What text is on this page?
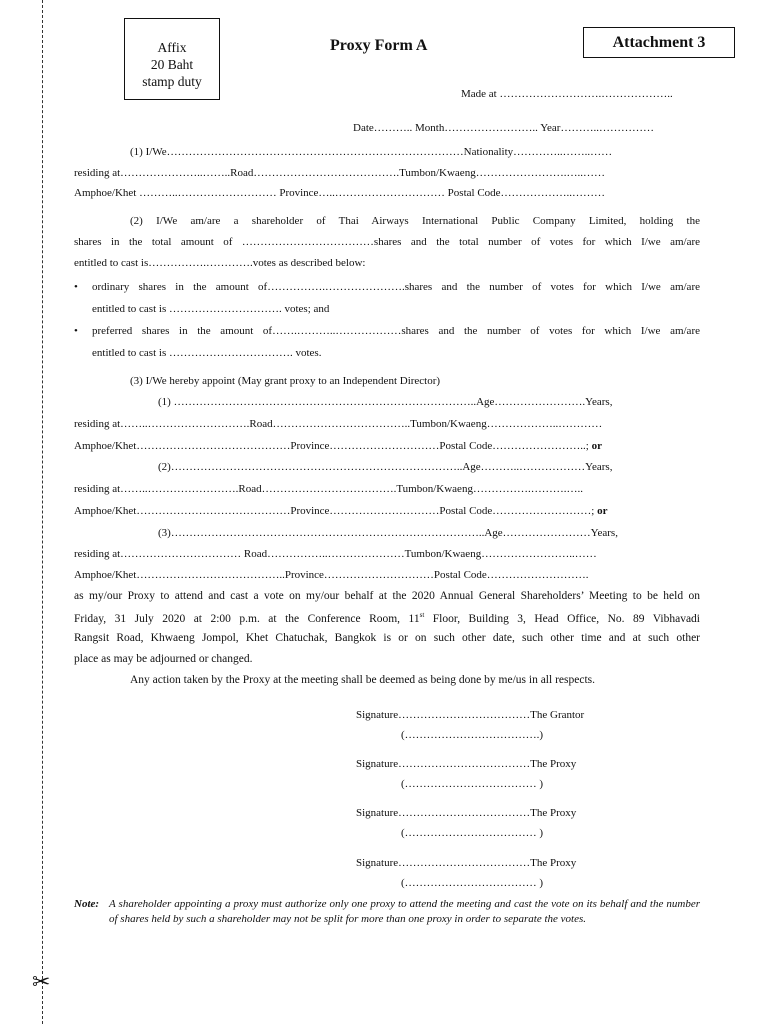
✂
Affix
20 Baht
stamp duty
Proxy Form A	Attachment 3
Made at ……………………….………………..
Date……….. Month…………………….. Year………..……………
(1) I/We………………………………………………………………………Nationality…………..……..……
residing at…………………..……..Road………………………………….Tumbon/Kwaeng…………………….…..……
Amphoe/Khet ………..……………………… Province…..………………………… Postal Code………………..………
(2) I/We am/are a shareholder of Thai Airways International Public Company Limited, holding the
shares in the total amount of ………………………………shares and the total number of votes for which I/we am/are
entitled to cast is…………….………….votes as described below:
• ordinary shares in the amount of…………….………………….shares and the number of votes for which I/we am/are
entitled to cast is …………………………. votes; and
• preferred shares in the amount of…….………..………………shares and the number of votes for which I/we am/are
entitled to cast is ……………………………. votes.
(3) I/We hereby appoint (May grant proxy to an Independent Director)
(1) ………………………………………………………………………..Age…………………….Years,
residing at……..……………………….Road………………………………..Tumbon/Kwaeng………………..…………
Amphoe/Khet……………………………………Province…………………………Postal Code……………………..; or
(2)……………………………………………………………………..Age………..………………Years,
residing at……..…………………….Road……………………………….Tumbon/Kwaeng…………….……….…..
Amphoe/Khet……………………………………Province…………………………Postal Code………………………; or
(3)…………………………………………………………………………..Age……………………Years,
residing at…………………………… Road……………..…………………Tumbon/Kwaeng……………………..……
Amphoe/Khet…………………………………..Province…………………………Postal Code……………………….
as my/our Proxy to attend and cast a vote on my/our behalf at the 2020 Annual General Shareholders’ Meeting to be held on
Friday, 31 July 2020 at 2:00 p.m. at the Conference Room, 11st Floor, Building 3, Head Office, No. 89 Vibhavadi
Rangsit Road, Khwaeng Jompol, Khet Chatuchak, Bangkok is or on such other date, such other time and at such other
place as may be adjourned or changed.
Any action taken by the Proxy at the meeting shall be deemed as being done by me/us in all respects.
Signature………………………………The Grantor
(……………………………….)
Signature………………………………The Proxy
(……………………………… )
Signature………………………………The Proxy
(……………………………… )
Signature………………………………The Proxy
(……………………………… )
Note: A shareholder appointing a proxy must authorize only one proxy to attend the meeting and cast the vote on its behalf and the number of shares held by such a shareholder may not be split for more than one proxy in order to separate the votes.
